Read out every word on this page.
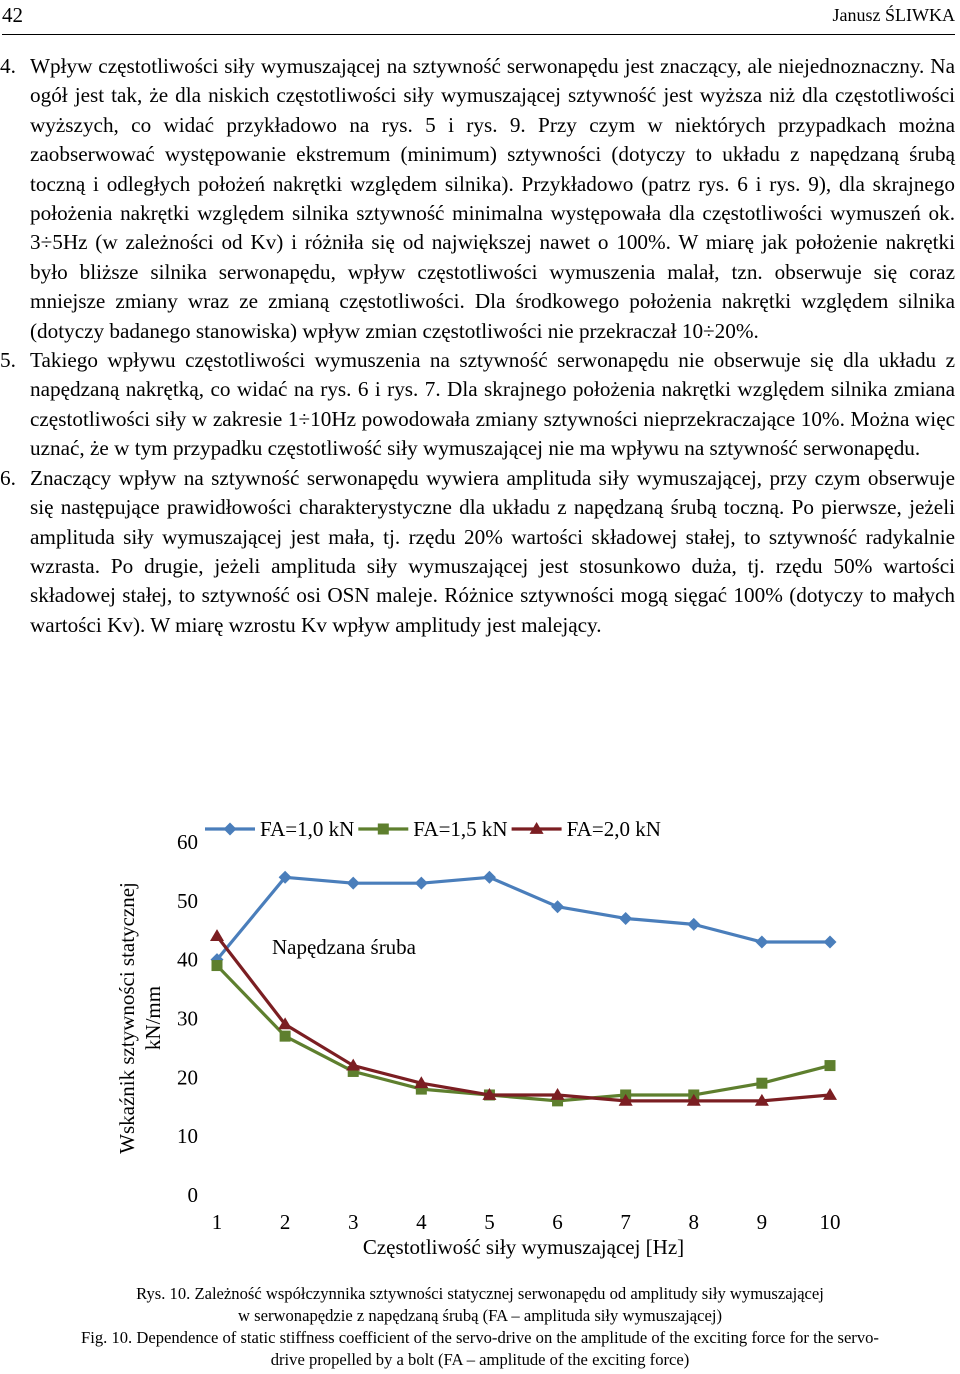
42	Janusz ŚLIWKA
4. Wpływ częstotliwości siły wymuszającej na sztywność serwonapędu jest znaczący, ale niejednoznaczny. Na ogół jest tak, że dla niskich częstotliwości siły wymuszającej sztywność jest wyższa niż dla częstotliwości wyższych, co widać przykładowo na rys. 5 i rys. 9. Przy czym w niektórych przypadkach można zaobserwować występowanie ekstremum (minimum) sztywności (dotyczy to układu z napędzaną śrubą toczną i odległych położeń nakrętki względem silnika). Przykładowo (patrz rys. 6 i rys. 9), dla skrajnego położenia nakrętki względem silnika sztywność minimalna występowała dla częstotliwości wymuszeń ok. 3÷5Hz (w zależności od Kv) i różniła się od największej nawet o 100%. W miarę jak położenie nakrętki było bliższe silnika serwonapędu, wpływ częstotliwości wymuszenia malał, tzn. obserwuje się coraz mniejsze zmiany wraz ze zmianą częstotliwości. Dla środkowego położenia nakrętki względem silnika (dotyczy badanego stanowiska) wpływ zmian częstotliwości nie przekraczał 10÷20%.

5. Takiego wpływu częstotliwości wymuszenia na sztywność serwonapędu nie obserwuje się dla układu z napędzaną nakrętką, co widać na rys. 6 i rys. 7. Dla skrajnego położenia nakrętki względem silnika zmiana częstotliwości siły w zakresie 1÷10Hz powodowała zmiany sztywności nieprzekraczające 10%. Można więc uznać, że w tym przypadku częstotliwość siły wymuszającej nie ma wpływu na sztywność serwonapędu.

6. Znaczący wpływ na sztywność serwonapędu wywiera amplituda siły wymuszającej, przy czym obserwuje się następujące prawidłowości charakterystyczne dla układu z napędzaną śrubą toczną. Po pierwsze, jeżeli amplituda siły wymuszającej jest mała, tj. rzędu 20% wartości składowej stałej, to sztywność radykalnie wzrasta. Po drugie, jeżeli amplituda siły wymuszającej jest stosunkowo duża, tj. rzędu 50% wartości składowej stałej, to sztywność osi OSN maleje. Różnice sztywności mogą sięgać 100% (dotyczy to małych wartości Kv). W miarę wzrostu Kv wpływ amplitudy jest malejący.

Wskaźnik sztywności statycznej kN/mm
0
10
20
30
40
50
60
1	2	3	4	5	6	7	8	9 10
Częstotliwość siły wymuszającej [Hz]
Napędzana śruba
FA=1,0 kN	FA=1,5 kN	FA=2,0 kN
Rys. 10. Zależność współczynnika sztywności statycznej serwonapędu od amplitudy siły wymuszającej
w serwonapędzie z napędzaną śrubą (FA – amplituda siły wymuszającej)
Fig. 10. Dependence of static stiffness coefficient of the servo-drive on the amplitude of the exciting force for the servo-
drive propelled by a bolt (FA – amplitude of the exciting force)
